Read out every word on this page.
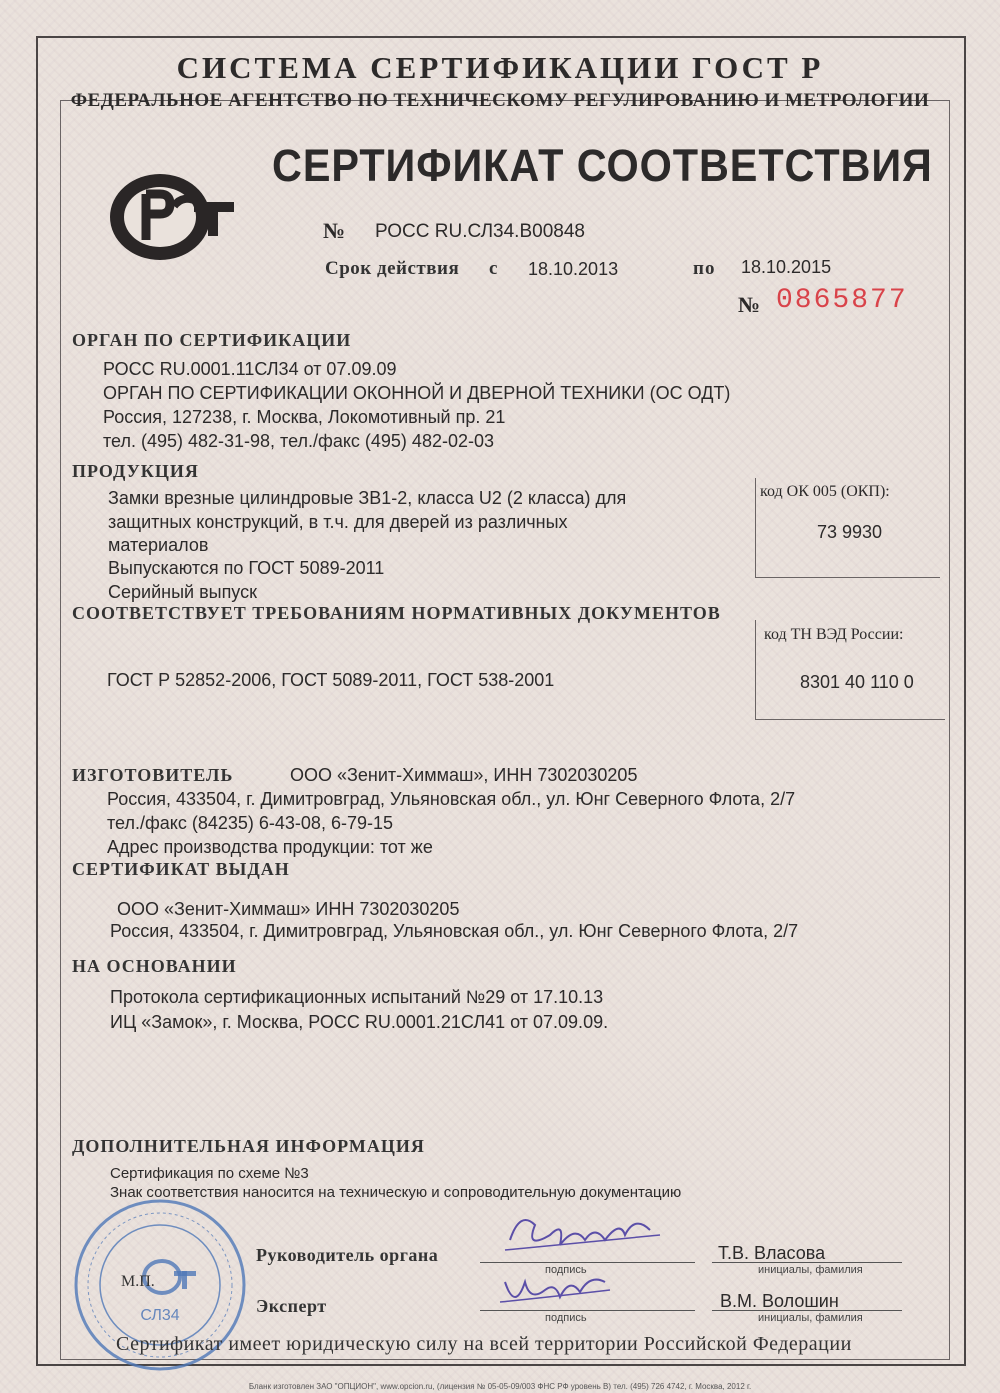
СИСТЕМА СЕРТИФИКАЦИИ ГОСТ Р
ФЕДЕРАЛЬНОЕ АГЕНТСТВО ПО ТЕХНИЧЕСКОМУ РЕГУЛИРОВАНИЮ И МЕТРОЛОГИИ
СЕРТИФИКАТ СООТВЕТСТВИЯ
№ РОСС RU.СЛ34.В00848
Срок действия с 18.10.2013	по 18.10.2015
№ 0865877
ОРГАН ПО СЕРТИФИКАЦИИ
РОСС RU.0001.11СЛ34 от 07.09.09
ОРГАН ПО СЕРТИФИКАЦИИ ОКОННОЙ И ДВЕРНОЙ ТЕХНИКИ (ОС ОДТ)
Россия, 127238, г. Москва, Локомотивный пр. 21
тел. (495) 482-31-98, тел./факс (495) 482-02-03
ПРОДУКЦИЯ
Замки врезные цилиндровые ЗВ1-2, класса U2 (2 класса) для
защитных конструкций, в т.ч. для дверей из различных
материалов
Выпускаются по ГОСТ 5089-2011
Серийный выпуск
код ОК 005 (ОКП):
73 9930
СООТВЕТСТВУЕТ ТРЕБОВАНИЯМ НОРМАТИВНЫХ ДОКУМЕНТОВ
ГОСТ Р 52852-2006, ГОСТ 5089-2011, ГОСТ 538-2001
код ТН ВЭД России:
8301 40 110 0
ИЗГОТОВИТЕЛЬ	ООО «Зенит-Химмаш», ИНН 7302030205
Россия, 433504, г. Димитровград, Ульяновская обл., ул. Юнг Северного Флота, 2/7
тел./факс (84235) 6-43-08, 6-79-15
Адрес производства продукции: тот же
СЕРТИФИКАТ ВЫДАН
ООО «Зенит-Химмаш» ИНН 7302030205
Россия, 433504, г. Димитровград, Ульяновская обл., ул. Юнг Северного Флота, 2/7
НА ОСНОВАНИИ
Протокола сертификационных испытаний №29 от 17.10.13
ИЦ «Замок», г. Москва, РОСС RU.0001.21СЛ41 от 07.09.09.
ДОПОЛНИТЕЛЬНАЯ ИНФОРМАЦИЯ
Сертификация по схеме №3
Знак соответствия наносится на техническую и сопроводительную документацию
Руководитель органа
подпись
Т.В. Власова
инициалы, фамилия
Эксперт
подпись
В.М. Волошин
инициалы, фамилия
СЛ34
М.П.
Сертификат имеет юридическую силу на всей территории Российской Федерации
Бланк изготовлен ЗАО "ОПЦИОН", www.opcion.ru, (лицензия № 05-05-09/003 ФНС РФ уровень В) тел. (495) 726 4742, г. Москва, 2012 г.
